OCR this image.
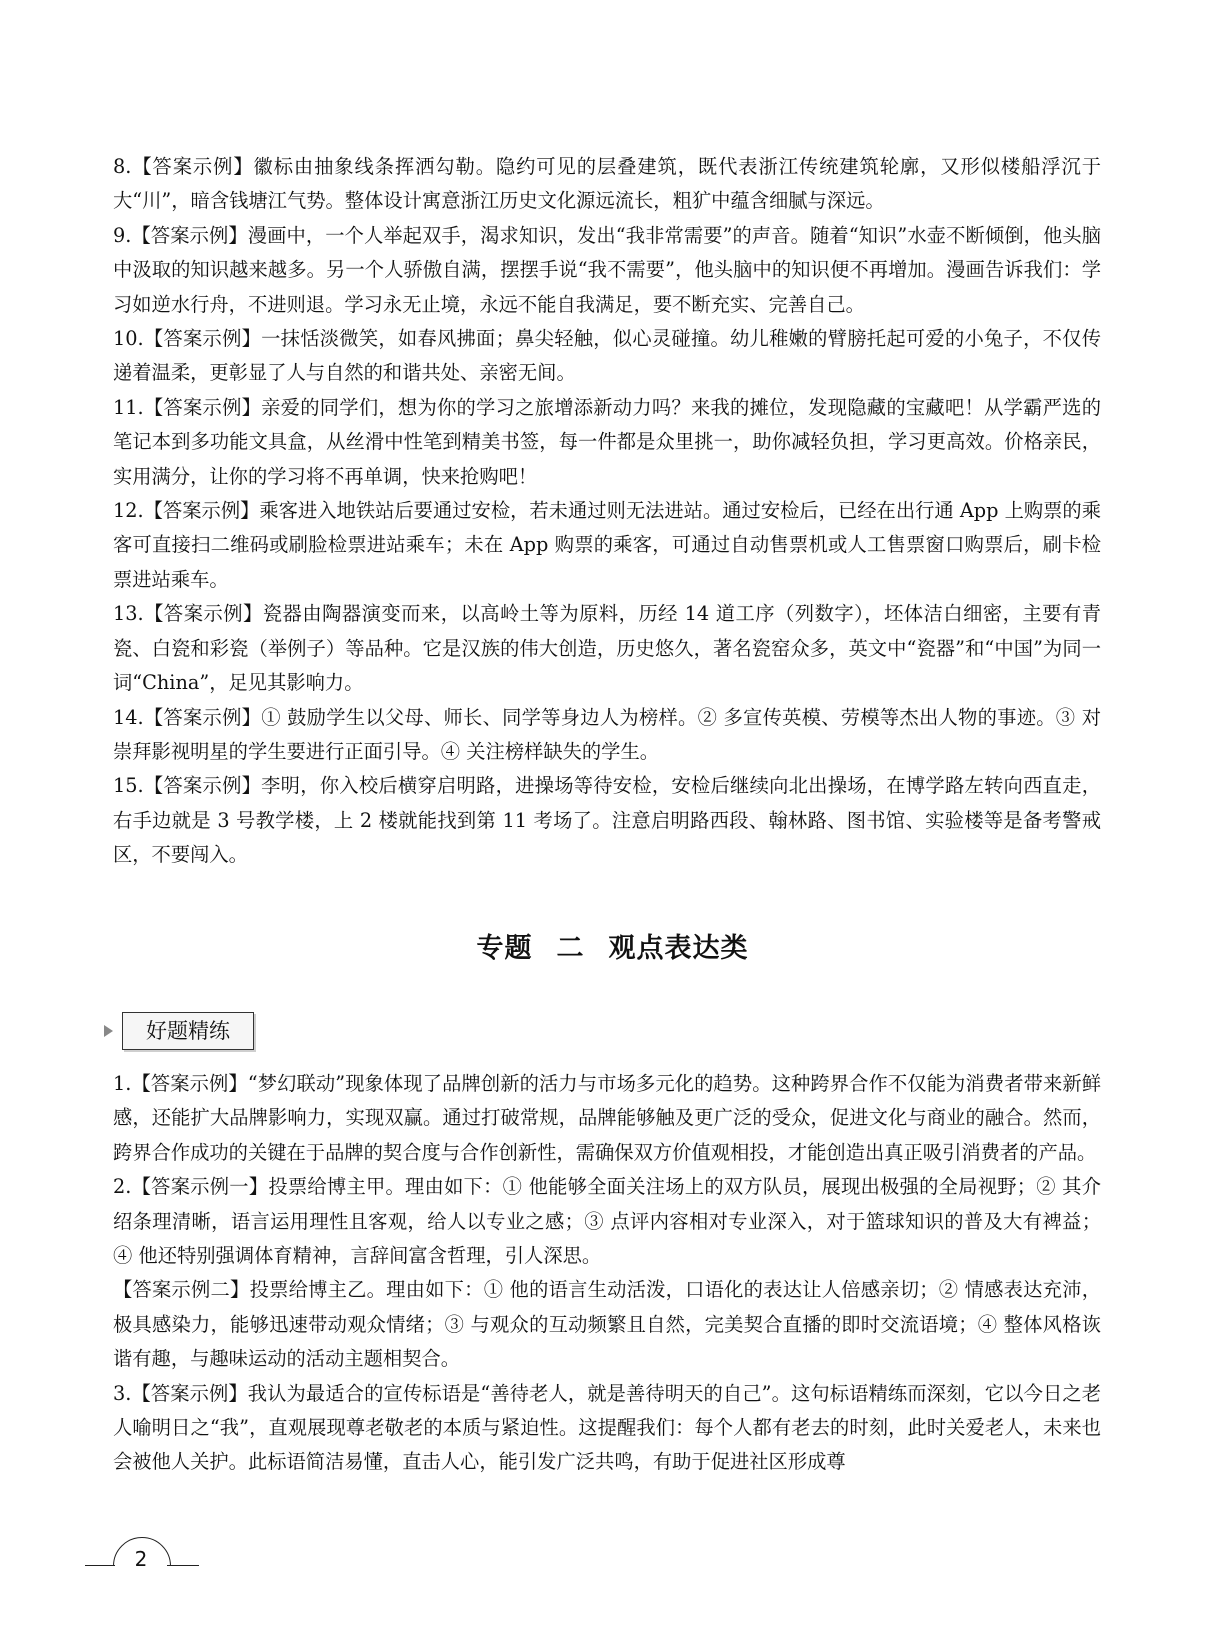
8.【答案示例】徽标由抽象线条挥洒勾勒。隐约可见的层叠建筑，既代表浙江传统建筑轮廓，又形似楼船浮沉于大“川”，暗含钱塘江气势。整体设计寓意浙江历史文化源远流长，粗犷中蕴含细腻与深远。

9.【答案示例】漫画中，一个人举起双手，渴求知识，发出“我非常需要”的声音。随着“知识”水壶不断倾倒，他头脑中汲取的知识越来越多。另一个人骄傲自满，摆摆手说“我不需要”，他头脑中的知识便不再增加。漫画告诉我们：学习如逆水行舟，不进则退。学习永无止境，永远不能自我满足，要不断充实、完善自己。

10.【答案示例】一抹恬淡微笑，如春风拂面；鼻尖轻触，似心灵碰撞。幼儿稚嫩的臂膀托起可爱的小兔子，不仅传递着温柔，更彰显了人与自然的和谐共处、亲密无间。

11.【答案示例】亲爱的同学们，想为你的学习之旅增添新动力吗？来我的摊位，发现隐藏的宝藏吧！从学霸严选的笔记本到多功能文具盒，从丝滑中性笔到精美书签，每一件都是众里挑一，助你减轻负担，学习更高效。价格亲民，实用满分，让你的学习将不再单调，快来抢购吧！

12.【答案示例】乘客进入地铁站后要通过安检，若未通过则无法进站。通过安检后，已经在出行通 App 上购票的乘客可直接扫二维码或刷脸检票进站乘车；未在 App 购票的乘客，可通过自动售票机或人工售票窗口购票后，刷卡检票进站乘车。

13.【答案示例】瓷器由陶器演变而来，以高岭土等为原料，历经 14 道工序（列数字），坯体洁白细密，主要有青瓷、白瓷和彩瓷（举例子）等品种。它是汉族的伟大创造，历史悠久，著名瓷窑众多，英文中“瓷器”和“中国”为同一词“China”，足见其影响力。

14.【答案示例】① 鼓励学生以父母、师长、同学等身边人为榜样。② 多宣传英模、劳模等杰出人物的事迹。③ 对崇拜影视明星的学生要进行正面引导。④ 关注榜样缺失的学生。

15.【答案示例】李明，你入校后横穿启明路，进操场等待安检，安检后继续向北出操场，在博学路左转向西直走，右手边就是 3 号教学楼，上 2 楼就能找到第 11 考场了。注意启明路西段、翰林路、图书馆、实验楼等是备考警戒区，不要闯入。

专题 二 观点表达类
好题精练

1.【答案示例】“梦幻联动”现象体现了品牌创新的活力与市场多元化的趋势。这种跨界合作不仅能为消费者带来新鲜感，还能扩大品牌影响力，实现双赢。通过打破常规，品牌能够触及更广泛的受众，促进文化与商业的融合。然而，跨界合作成功的关键在于品牌的契合度与合作创新性，需确保双方价值观相投，才能创造出真正吸引消费者的产品。

2.【答案示例一】投票给博主甲。理由如下：① 他能够全面关注场上的双方队员，展现出极强的全局视野；② 其介绍条理清晰，语言运用理性且客观，给人以专业之感；③ 点评内容相对专业深入，对于篮球知识的普及大有裨益；④ 他还特别强调体育精神，言辞间富含哲理，引人深思。

【答案示例二】投票给博主乙。理由如下：① 他的语言生动活泼，口语化的表达让人倍感亲切；② 情感表达充沛，极具感染力，能够迅速带动观众情绪；③ 与观众的互动频繁且自然，完美契合直播的即时交流语境；④ 整体风格诙谐有趣，与趣味运动的活动主题相契合。

3.【答案示例】我认为最适合的宣传标语是“善待老人，就是善待明天的自己”。这句标语精练而深刻，它以今日之老人喻明日之“我”，直观展现尊老敬老的本质与紧迫性。这提醒我们：每个人都有老去的时刻，此时关爱老人，未来也会被他人关护。此标语简洁易懂，直击人心，能引发广泛共鸣，有助于促进社区形成尊

2
